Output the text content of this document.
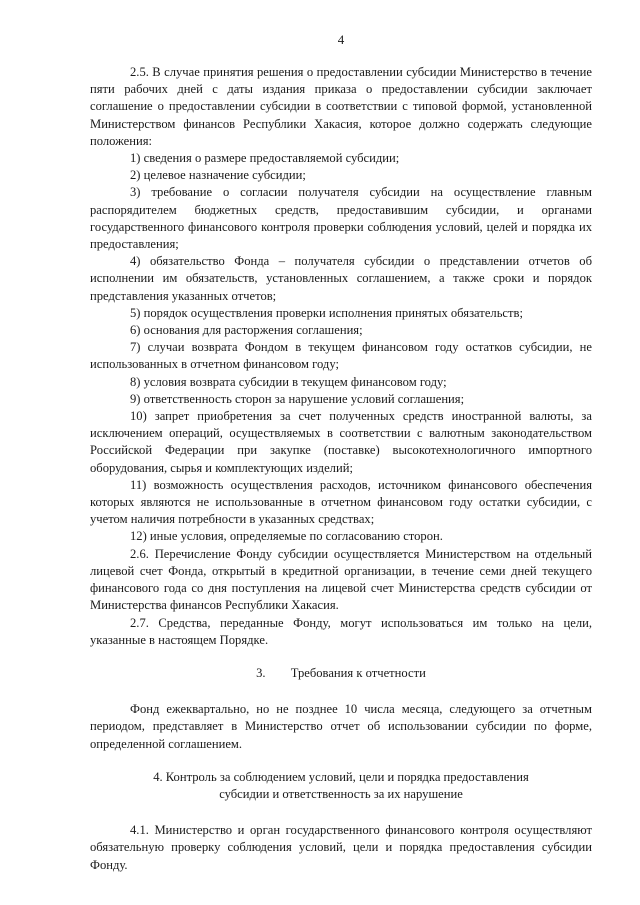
4

2.5. В случае принятия решения о предоставлении субсидии Министерство в течение пяти рабочих дней с даты издания приказа о предоставлении субсидии заключает соглашение о предоставлении субсидии в соответствии с типовой формой, установленной Министерством финансов Республики Хакасия, которое должно содержать следующие положения:

1) сведения о размере предоставляемой субсидии;

2) целевое назначение субсидии;

3) требование о согласии получателя субсидии на осуществление главным распорядителем бюджетных средств, предоставившим субсидии, и органами государственного финансового контроля проверки соблюдения условий, целей и порядка их предоставления;

4) обязательство Фонда – получателя субсидии о представлении отчетов об исполнении им обязательств, установленных соглашением, а также сроки и порядок представления указанных отчетов;

5) порядок осуществления проверки исполнения принятых обязательств;

6) основания для расторжения соглашения;

7) случаи возврата Фондом в текущем финансовом году остатков субсидии, не использованных в отчетном финансовом году;

8) условия возврата субсидии в текущем финансовом году;

9) ответственность сторон за нарушение условий соглашения;

10) запрет приобретения за счет полученных средств иностранной валюты, за исключением операций, осуществляемых в соответствии с валютным законодательством Российской Федерации при закупке (поставке) высокотехнологичного импортного оборудования, сырья и комплектующих изделий;

11) возможность осуществления расходов, источником финансового обеспечения которых являются не использованные в отчетном финансовом году остатки субсидии, с учетом наличия потребности в указанных средствах;

12) иные условия, определяемые по согласованию сторон.

2.6. Перечисление Фонду субсидии осуществляется Министерством на отдельный лицевой счет Фонда, открытый в кредитной организации, в течение семи дней текущего финансового года со дня поступления на лицевой счет Министерства средств субсидии от Министерства финансов Республики Хакасия.

2.7. Средства, переданные Фонду, могут использоваться им только на цели, указанные в настоящем Порядке.

3.        Требования к отчетности

Фонд ежеквартально, но не позднее 10 числа месяца, следующего за отчетным периодом, представляет в Министерство отчет об использовании субсидии по форме, определенной соглашением.

4. Контроль за соблюдением условий, цели и порядка предоставления
субсидии и ответственность за их нарушение

4.1. Министерство и орган государственного финансового контроля осуществляют обязательную проверку соблюдения условий, цели и порядка предоставления субсидии Фонду.
